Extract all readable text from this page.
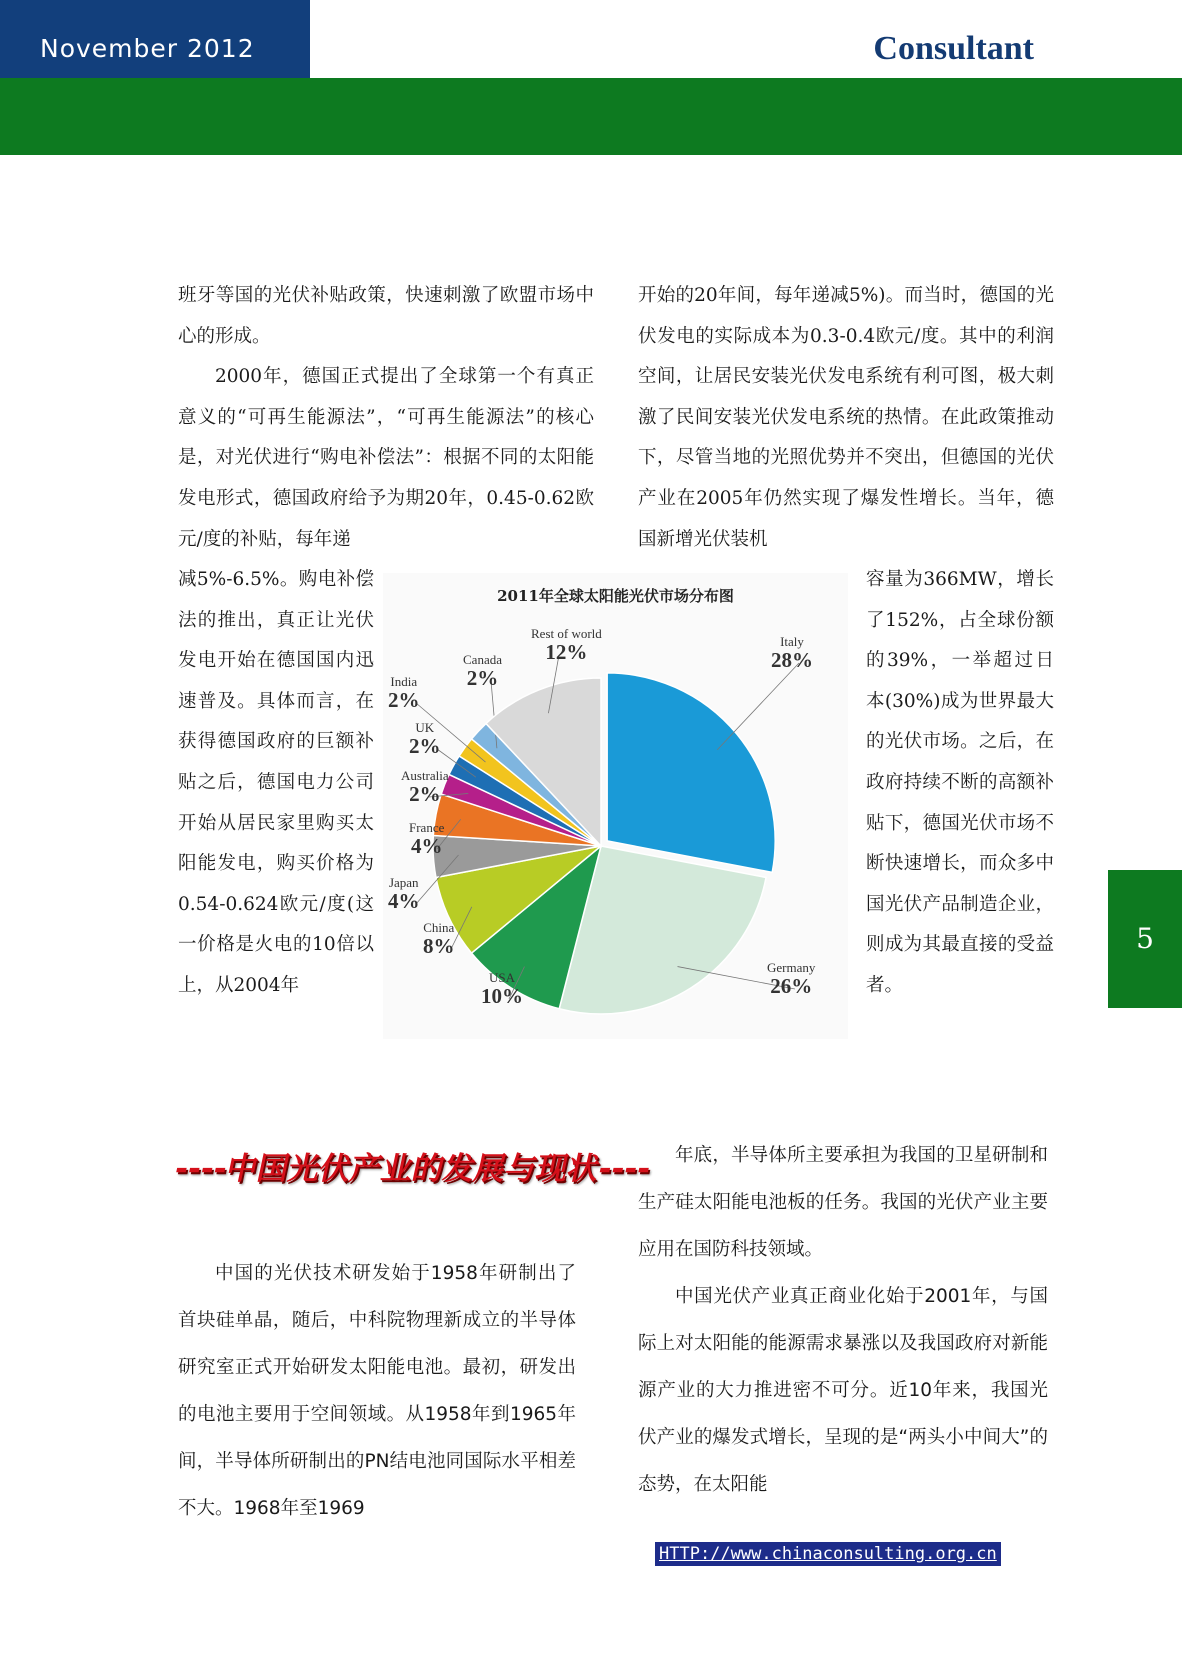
November 2012	Consultant
5

班牙等国的光伏补贴政策，快速刺激了欧盟市场中心的形成。

2000年，德国正式提出了全球第一个有真正意义的“可再生能源法”，“可再生能源法”的核心是，对光伏进行“购电补偿法”：根据不同的太阳能发电形式，德国政府给予为期20年，0.45-0.62欧元/度的补贴，每年递

减5%-6.5%。购电补偿法的推出，真正让光伏发电开始在德国国内迅速普及。具体而言，在获得德国政府的巨额补贴之后，德国电力公司开始从居民家里购买太阳能发电，购买价格为0.54-0.624欧元/度(这一价格是火电的10倍以上，从2004年

开始的20年间，每年递减5%)。而当时，德国的光伏发电的实际成本为0.3-0.4欧元/度。其中的利润空间，让居民安装光伏发电系统有利可图，极大刺激了民间安装光伏发电系统的热情。在此政策推动下，尽管当地的光照优势并不突出，但德国的光伏产业在2005年仍然实现了爆发性增长。当年，德国新增光伏装机

容量为366MW，增长了152%，占全球份额的39%，一举超过日本(30%)成为世界最大的光伏市场。之后，在政府持续不断的高额补贴下，德国光伏市场不断快速增长，而众多中国光伏产品制造企业，则成为其最直接的受益者。

2011年全球太阳能光伏市场分布图
Italy
28%
Germany
26%
USA
10%
China
8%
Japan
4%
France
4%
Australia
2%
UK
2%
India
2%
Canada
2%
Rest of world
12%
----中国光伏产业的发展与现状----

中国的光伏技术研发始于1958年研制出了首块硅单晶，随后，中科院物理新成立的半导体研究室正式开始研发太阳能电池。最初，研发出的电池主要用于空间领域。从1958年到1965年间，半导体所研制出的PN结电池同国际水平相差不大。1968年至1969

年底，半导体所主要承担为我国的卫星研制和生产硅太阳能电池板的任务。我国的光伏产业主要应用在国防科技领域。

中国光伏产业真正商业化始于2001年，与国际上对太阳能的能源需求暴涨以及我国政府对新能源产业的大力推进密不可分。近10年来，我国光伏产业的爆发式增长，呈现的是“两头小中间大”的态势，在太阳能

HTTP://www.chinaconsulting.org.cn
